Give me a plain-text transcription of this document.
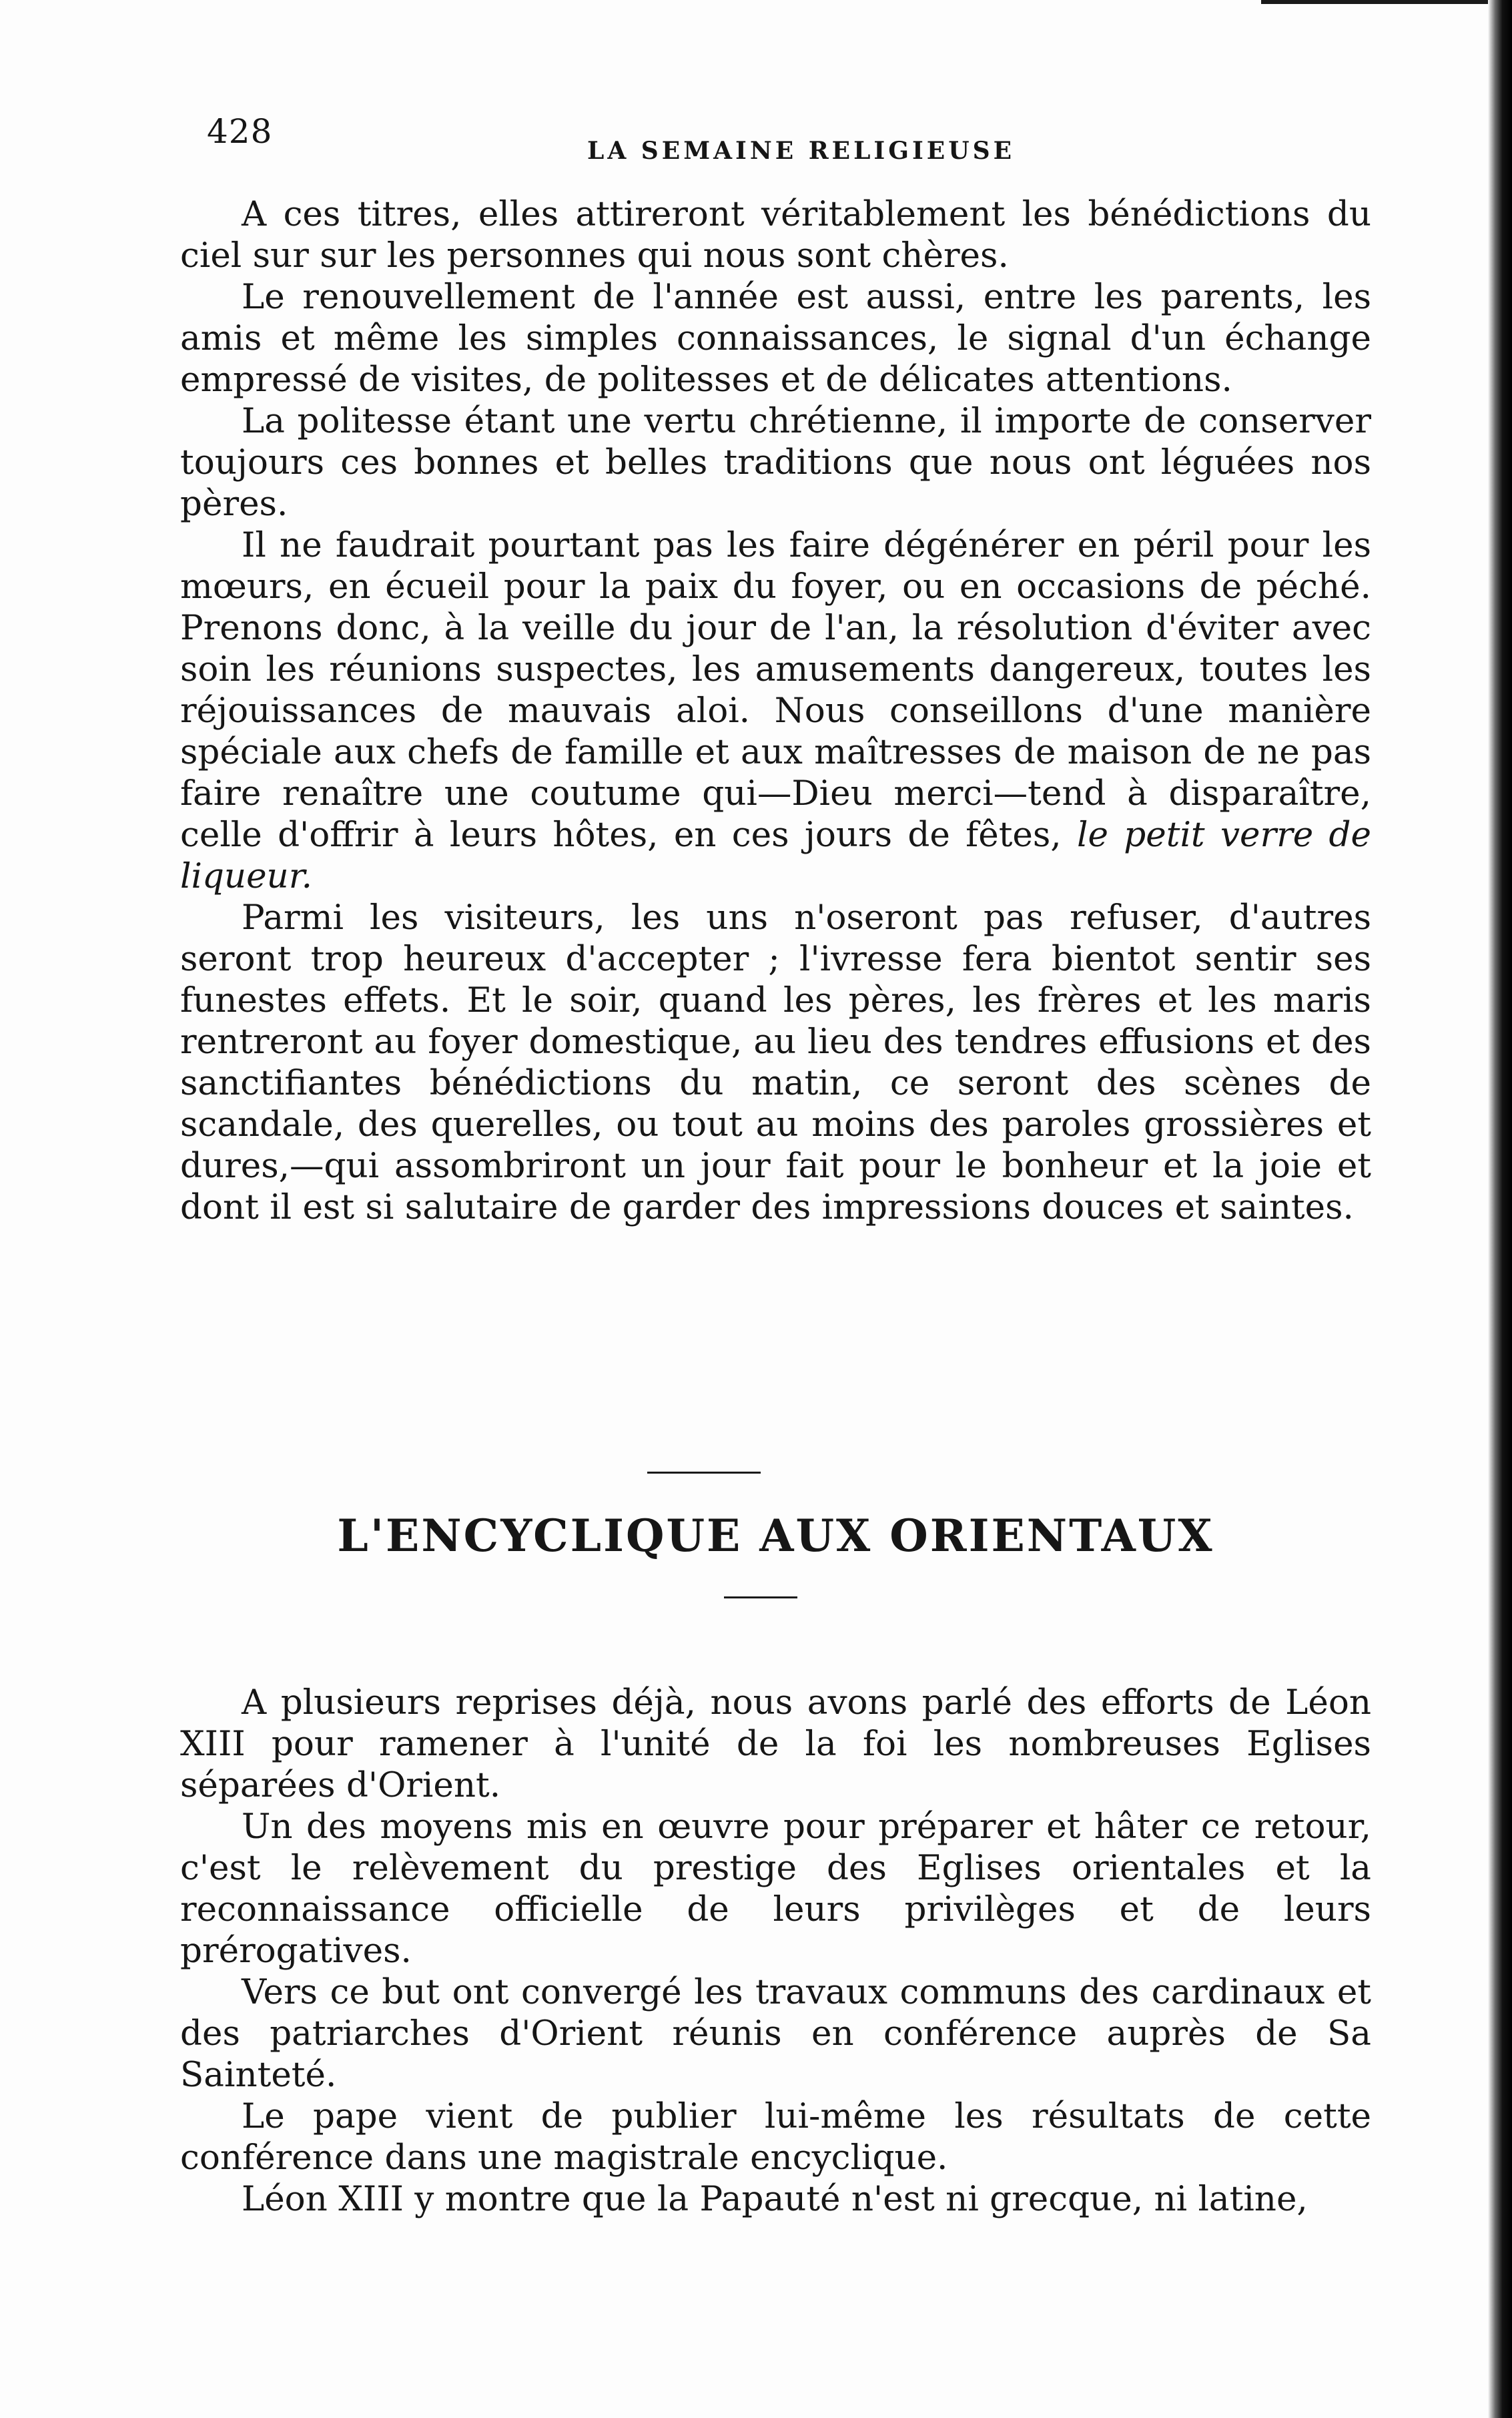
428	LA SEMAINE RELIGIEUSE

A ces titres, elles attireront véritablement les bénédictions du ciel sur sur les personnes qui nous sont chères.

Le renouvellement de l'année est aussi, entre les parents, les amis et même les simples connaissances, le signal d'un échange empressé de visites, de politesses et de délicates attentions.

La politesse étant une vertu chrétienne, il importe de conserver toujours ces bonnes et belles traditions que nous ont léguées nos pères.

Il ne faudrait pourtant pas les faire dégénérer en péril pour les mœurs, en écueil pour la paix du foyer, ou en occasions de péché. Prenons donc, à la veille du jour de l'an, la résolution d'éviter avec soin les réunions suspectes, les amusements dangereux, toutes les réjouissances de mauvais aloi. Nous conseillons d'une manière spéciale aux chefs de famille et aux maîtresses de maison de ne pas faire renaître une coutume qui—Dieu merci—tend à disparaître, celle d'offrir à leurs hôtes, en ces jours de fêtes, le petit verre de liqueur.

Parmi les visiteurs, les uns n'oseront pas refuser, d'autres seront trop heureux d'accepter ; l'ivresse fera bientot sentir ses funestes effets. Et le soir, quand les pères, les frères et les maris rentreront au foyer domestique, au lieu des tendres effusions et des sanctifiantes bénédictions du matin, ce seront des scènes de scandale, des querelles, ou tout au moins des paroles grossières et dures,—qui assombriront un jour fait pour le bonheur et la joie et dont il est si salutaire de garder des impressions douces et saintes.

L'ENCYCLIQUE AUX ORIENTAUX

A plusieurs reprises déjà, nous avons parlé des efforts de Léon XIII pour ramener à l'unité de la foi les nombreuses Eglises séparées d'Orient.

Un des moyens mis en œuvre pour préparer et hâter ce retour, c'est le relèvement du prestige des Eglises orientales et la reconnaissance officielle de leurs privilèges et de leurs prérogatives.

Vers ce but ont convergé les travaux communs des cardinaux et des patriarches d'Orient réunis en conférence auprès de Sa Sainteté.

Le pape vient de publier lui-même les résultats de cette conférence dans une magistrale encyclique.

Léon XIII y montre que la Papauté n'est ni grecque, ni latine,
